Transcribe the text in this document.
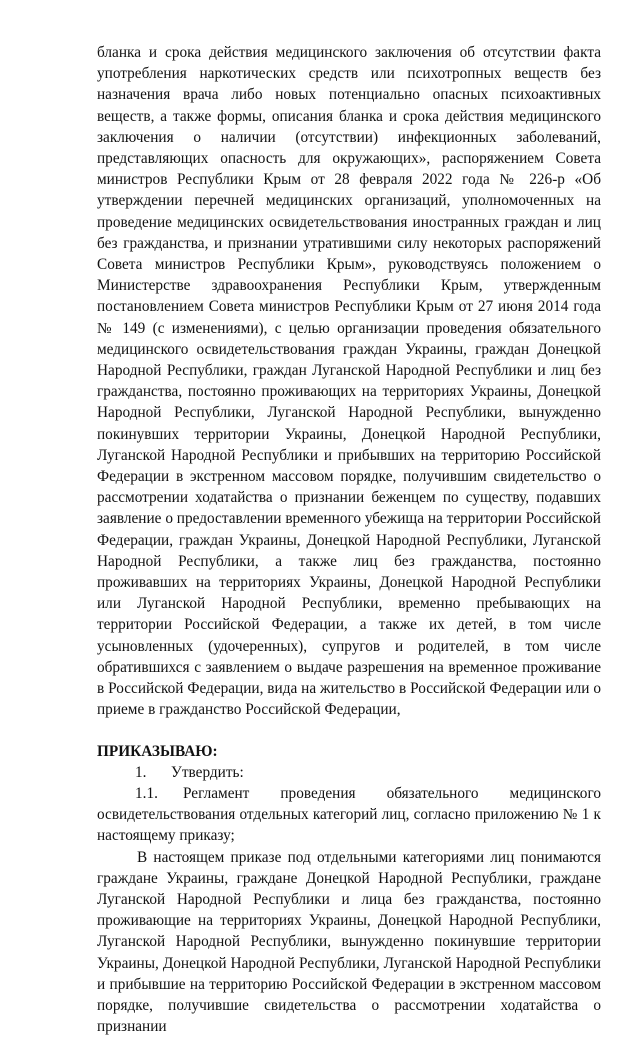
бланка и срока действия медицинского заключения об отсутствии факта употребления наркотических средств или психотропных веществ без назначения врача либо новых потенциально опасных психоактивных веществ, а также формы, описания бланка и срока действия медицинского заключения о наличии (отсутствии) инфекционных заболеваний, представляющих опасность для окружающих», распоряжением Совета министров Республики Крым от 28 февраля 2022 года № 226-р «Об утверждении перечней медицинских организаций, уполномоченных на проведение медицинских освидетельствования иностранных граждан и лиц без гражданства, и признании утратившими силу некоторых распоряжений Совета министров Республики Крым», руководствуясь положением о Министерстве здравоохранения Республики Крым, утвержденным постановлением Совета министров Республики Крым от 27 июня 2014 года № 149 (с изменениями), с целью организации проведения обязательного медицинского освидетельствования граждан Украины, граждан Донецкой Народной Республики, граждан Луганской Народной Республики и лиц без гражданства, постоянно проживающих на территориях Украины, Донецкой Народной Республики, Луганской Народной Республики, вынужденно покинувших территории Украины, Донецкой Народной Республики, Луганской Народной Республики и прибывших на территорию Российской Федерации в экстренном массовом порядке, получившим свидетельство о рассмотрении ходатайства о признании беженцем по существу, подавших заявление о предоставлении временного убежища на территории Российской Федерации, граждан Украины, Донецкой Народной Республики, Луганской Народной Республики, а также лиц без гражданства, постоянно проживавших на территориях Украины, Донецкой Народной Республики или Луганской Народной Республики, временно пребывающих на территории Российской Федерации, а также их детей, в том числе усыновленных (удочеренных), супругов и родителей, в том числе обратившихся с заявлением о выдаче разрешения на временное проживание в Российской Федерации, вида на жительство в Российской Федерации или о приеме в гражданство Российской Федерации,

ПРИКАЗЫВАЮ:

1. Утвердить:

1.1. Регламент проведения обязательного медицинского освидетельствования отдельных категорий лиц, согласно приложению № 1 к настоящему приказу;

В настоящем приказе под отдельными категориями лиц понимаются граждане Украины, граждане Донецкой Народной Республики, граждане Луганской Народной Республики и лица без гражданства, постоянно проживающие на территориях Украины, Донецкой Народной Республики, Луганской Народной Республики, вынужденно покинувшие территории Украины, Донецкой Народной Республики, Луганской Народной Республики и прибывшие на территорию Российской Федерации в экстренном массовом порядке, получившие свидетельства о рассмотрении ходатайства о признании
